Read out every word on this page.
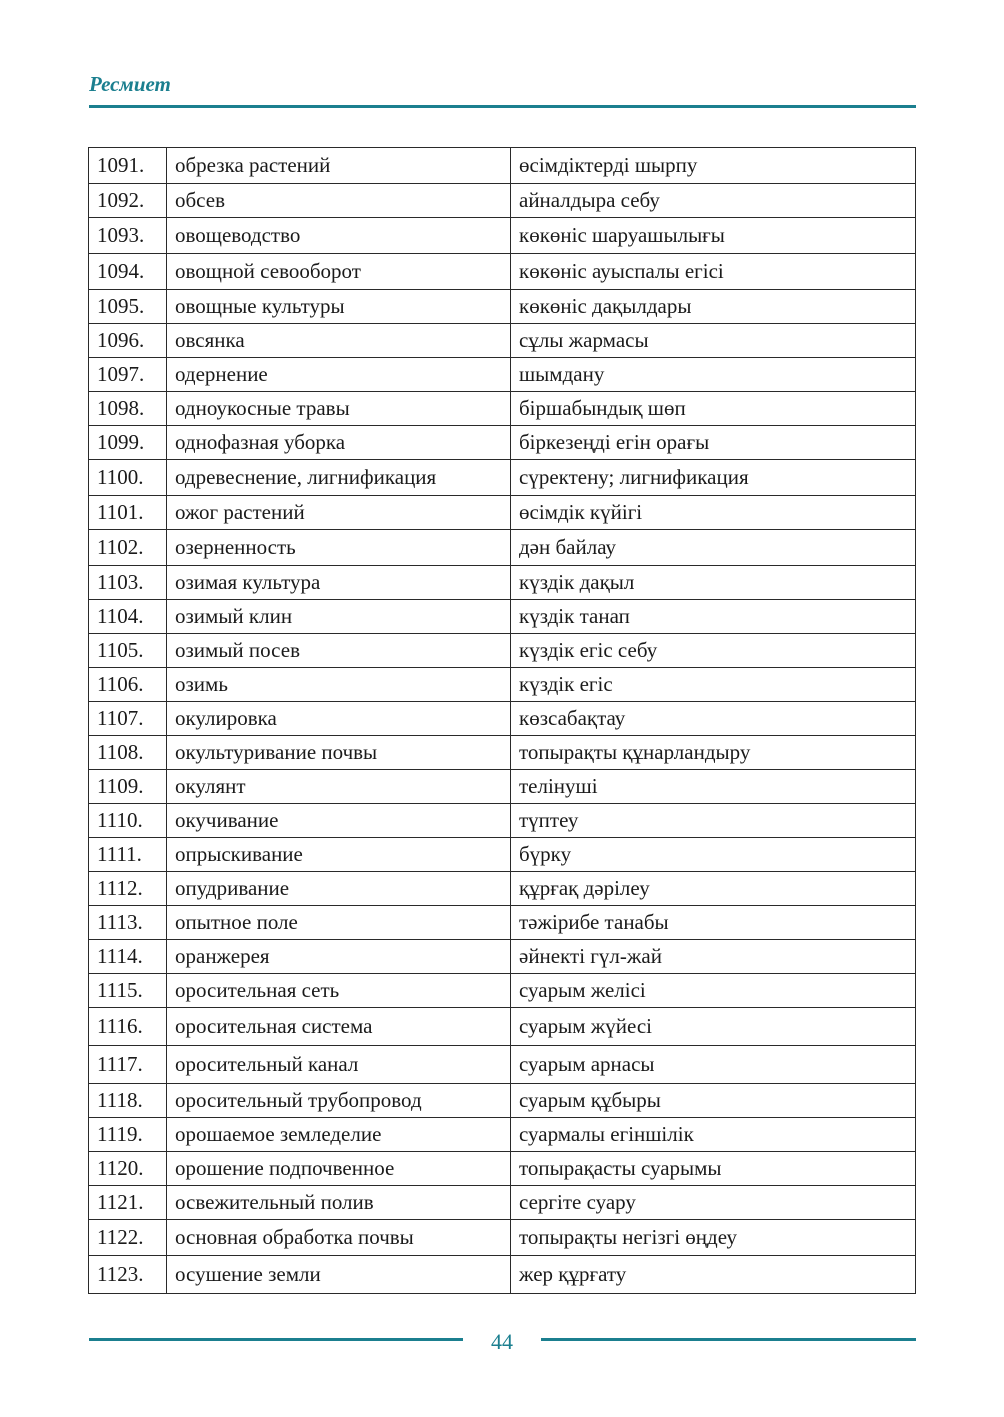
Ресмиет
1091.	обрезка растений	өсімдіктерді шырпу
1092.	обсев	айналдыра себу
1093.	овощеводство	көкөніс шаруашылығы
1094.	овощной севооборот	көкөніс ауыспалы егісі
1095.	овощные культуры	көкөніс дақылдары
1096.	овсянка	сұлы жармасы
1097.	одернение	шымдану
1098.	одноукосные травы	біршабындық шөп
1099.	однофазная уборка	біркезеңді егін орағы
1100.	одревеснение, лигнификация	сүректену; лигнификация
1101.	ожог растений	өсімдік күйігі
1102.	озерненность	дән байлау
1103.	озимая культура	күздік дақыл
1104.	озимый клин	күздік танап
1105.	озимый посев	күздік егіс себу
1106.	озимь	күздік егіс
1107.	окулировка	көзсабақтау
1108.	окультуривание почвы	топырақты құнарландыру
1109.	окулянт	телінуші
1110.	окучивание	түптеу
1111.	опрыскивание	бүрку
1112.	опудривание	құрғақ дәрілеу
1113.	опытное поле	тәжірибе танабы
1114.	оранжерея	әйнекті гүл-жай
1115.	оросительная сеть	суарым желісі
1116.	оросительная система	суарым жүйесі
1117.	оросительный канал	суарым арнасы
1118.	оросительный трубопровод	суарым құбыры
1119.	орошаемое земледелие	суармалы егіншілік
1120.	орошение подпочвенное	топырақасты суарымы
1121.	освежительный полив	сергіте суару
1122.	основная обработка почвы	топырақты негізгі өңдеу
1123.	осушение земли	жер құрғату
44
